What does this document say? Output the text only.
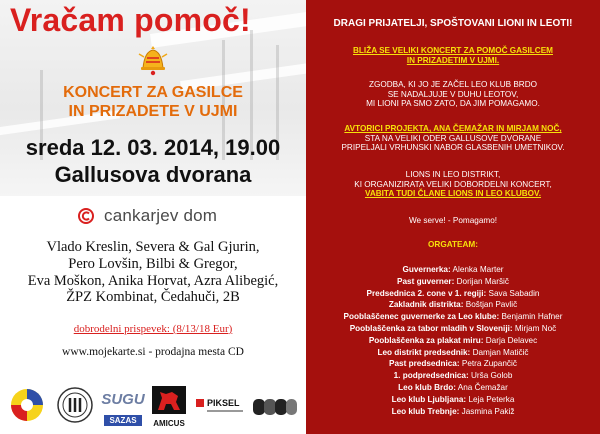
Vračam pomoč!
KONCERT ZA GASILCE
IN PRIZADETE V UJMI
sreda 12. 03. 2014, 19.00
Gallusova dvorana
cankarjev dom
Vlado Kreslin, Severa & Gal Gjurin,
Pero Lovšin, Bilbi & Gregor,
Eva Moškon, Anika Horvat, Azra Alibegić,
ŽPZ Kombinat, Čedahuči, 2B
dobrodelni prispevek: (8/13/18 Eur)
www.mojekarte.si - prodajna mesta CD
SUGU
SAZAS	AMICUS
PIKSEL
DRAGI PRIJATELJI, SPOŠTOVANI LIONI IN LEOTI!
BLIŽA SE VELIKI KONCERT ZA POMOČ GASILCEM
IN PRIZADETIM V UJMI.
ZGODBA, KI JO JE ZAČEL LEO KLUB BRDO
SE NADALJUJE V DUHU LEOTOV,
MI LIONI PA SMO ZATO, DA JIM POMAGAMO.
AVTORICI PROJEKTA, ANA ČEMAŽAR IN MIRJAM NOČ,
STA NA VELIKI ODER GALLUSOVE DVORANE
PRIPELJALI VRHUNSKI NABOR GLASBENIH UMETNIKOV.
LIONS IN LEO DISTRIKT,
KI ORGANIZIRATA VELIKI DOBORDELNI KONCERT,
VABITA TUDI ČLANE LIONS IN LEO KLUBOV.
We serve! - Pomagamo!
ORGATEAM:
Guvernerka: Alenka Marter
Past guverner: Dorijan Maršič
Predsednica 2. cone v 1. regiji: Sava Sabadin
Zakladnik distrikta: Boštjan Pavlič
Pooblaščenec guvernerke za Leo klube: Benjamin Hafner
Pooblaščenka za tabor mladih v Sloveniji: Mirjam Noč
Pooblaščenka za plakat miru: Darja Delavec
Leo distrikt predsednik: Damjan Matičič
Past predsednica: Petra Zupančič
1. podpredsednica: Urša Golob
Leo klub Brdo: Ana Čemažar
Leo klub Ljubljana: Leja Peterka
Leo klub Trebnje: Jasmina Pakiž
